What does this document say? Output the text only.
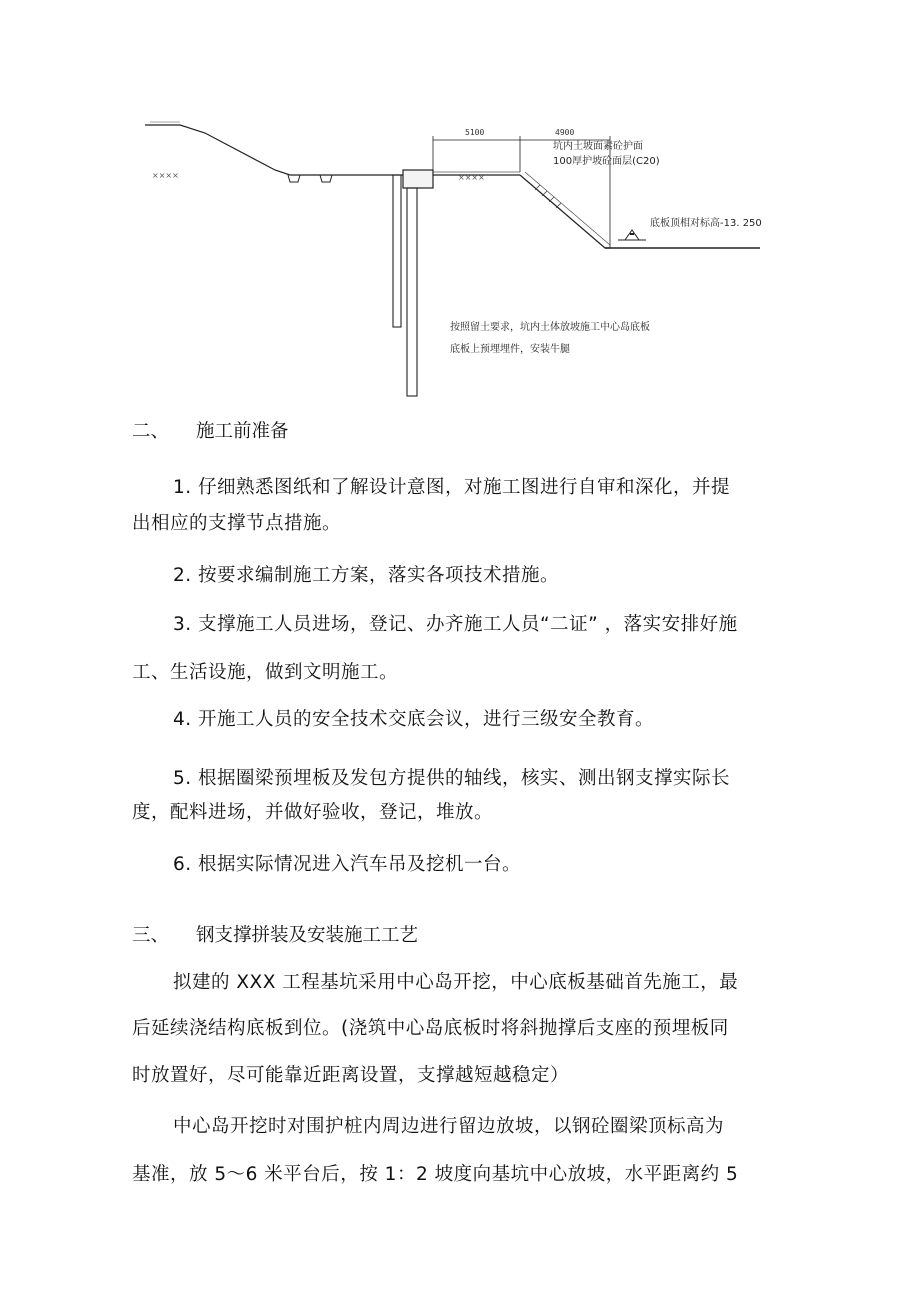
5100	4900
坑内土坡面素砼护面
100厚护坡砼面层(C20)
底板顶相对标高-13. 250
按照留土要求，坑内土体放坡施工中心岛底板
底板上预埋埋件，安装牛腿
××××	××××
二、 施工前准备
1. 仔细熟悉图纸和了解设计意图，对施工图进行自审和深化，并提
出相应的支撑节点措施。
2. 按要求编制施工方案，落实各项技术措施。
3. 支撑施工人员进场，登记、办齐施工人员“二证” ，落实安排好施
工、生活设施，做到文明施工。
4. 开施工人员的安全技术交底会议，进行三级安全教育。
5. 根据圈梁预埋板及发包方提供的轴线，核实、测出钢支撑实际长
度，配料进场，并做好验收，登记，堆放。
6. 根据实际情况进入汽车吊及挖机一台。
三、 钢支撑拼装及安装施工工艺
拟建的 XXX 工程基坑采用中心岛开挖，中心底板基础首先施工，最
后延续浇结构底板到位。(浇筑中心岛底板时将斜抛撑后支座的预埋板同
时放置好，尽可能靠近距离设置，支撑越短越稳定）
中心岛开挖时对围护桩内周边进行留边放坡，以钢砼圈梁顶标高为
基准，放 5～6 米平台后，按 1：2 坡度向基坑中心放坡，水平距离约 5
